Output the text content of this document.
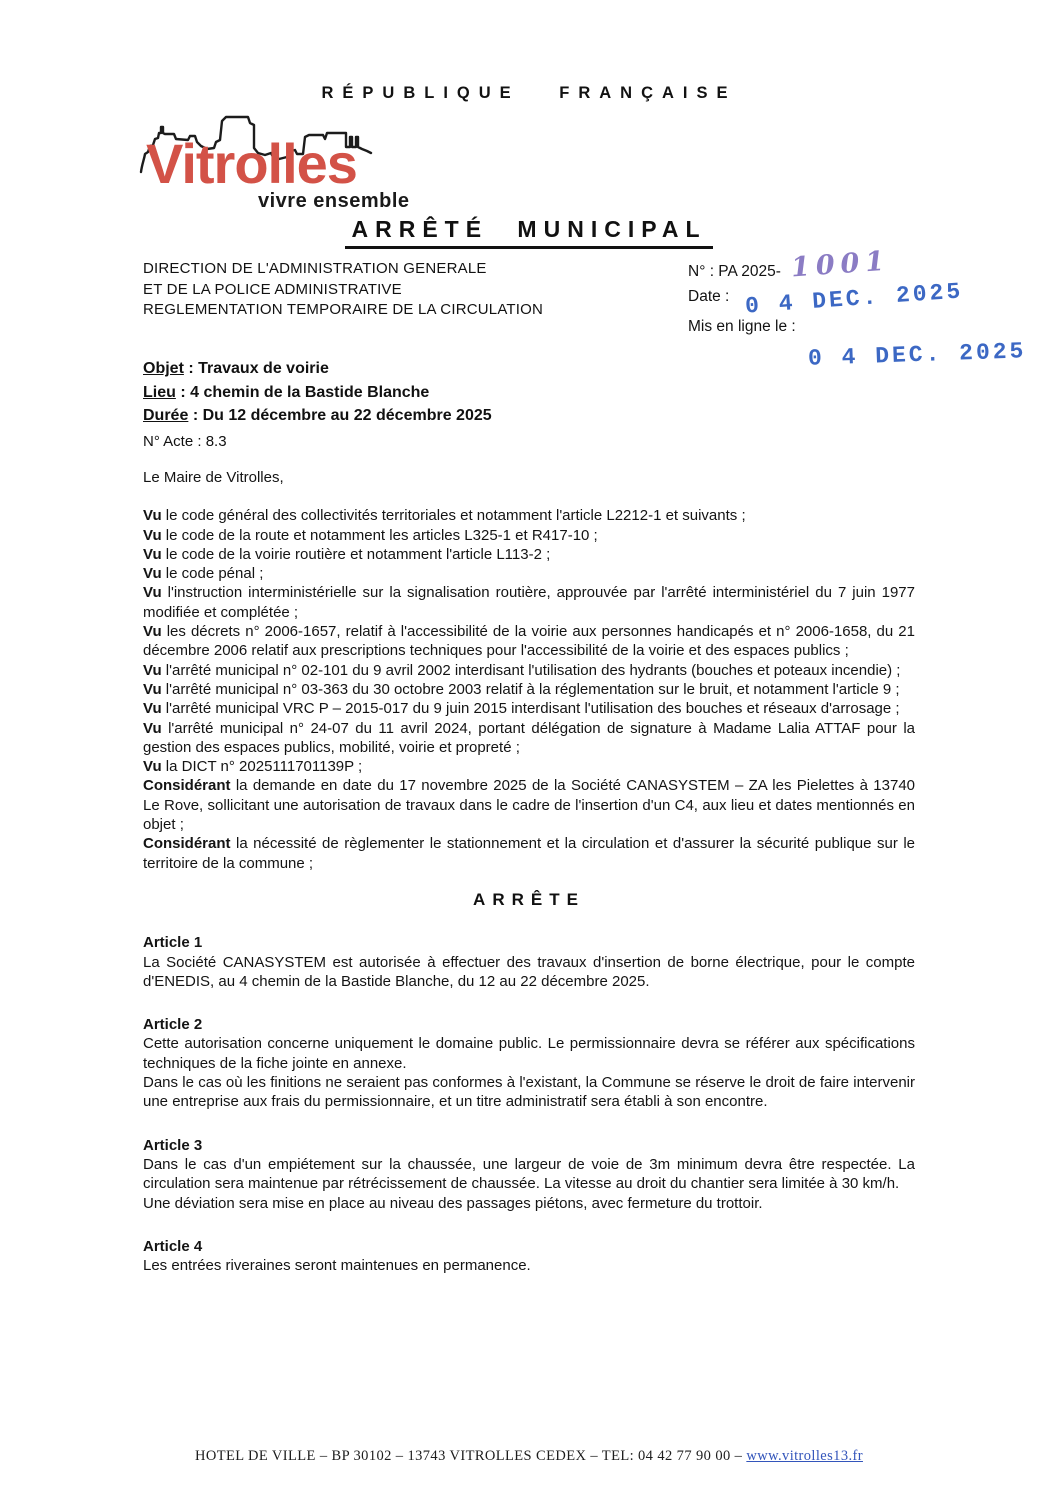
RÉPUBLIQUE FRANÇAISE
Vitrolles
vivre ensemble
ARRÊTÉ MUNICIPAL
DIRECTION DE L'ADMINISTRATION GENERALE
ET DE LA POLICE ADMINISTRATIVE
REGLEMENTATION TEMPORAIRE DE LA CIRCULATION
N° : PA 2025- 1001
Date : 0 4 DEC. 2025
Mis en ligne le :
0 4 DEC. 2025
Objet : Travaux de voirie
Lieu : 4 chemin de la Bastide Blanche
Durée : Du 12 décembre au 22 décembre 2025
N° Acte : 8.3

Le Maire de Vitrolles,

Vu le code général des collectivités territoriales et notamment l'article L2212-1 et suivants ;

Vu le code de la route et notamment les articles L325-1 et R417-10 ;

Vu le code de la voirie routière et notamment l'article L113-2 ;

Vu le code pénal ;

Vu l'instruction interministérielle sur la signalisation routière, approuvée par l'arrêté interministériel du 7 juin 1977 modifiée et complétée ;

Vu les décrets n° 2006-1657, relatif à l'accessibilité de la voirie aux personnes handicapés et n° 2006-1658, du 21 décembre 2006 relatif aux prescriptions techniques pour l'accessibilité de la voirie et des espaces publics ;

Vu l'arrêté municipal n° 02-101 du 9 avril 2002 interdisant l'utilisation des hydrants (bouches et poteaux incendie) ;

Vu l'arrêté municipal n° 03-363 du 30 octobre 2003 relatif à la réglementation sur le bruit, et notamment l'article 9 ;

Vu l'arrêté municipal VRC P – 2015-017 du 9 juin 2015 interdisant l'utilisation des bouches et réseaux d'arrosage ;

Vu l'arrêté municipal n° 24-07 du 11 avril 2024, portant délégation de signature à Madame Lalia ATTAF pour la gestion des espaces publics, mobilité, voirie et propreté ;

Vu la DICT n° 2025111701139P ;

Considérant la demande en date du 17 novembre 2025 de la Société CANASYSTEM – ZA les Pielettes à 13740 Le Rove, sollicitant une autorisation de travaux dans le cadre de l'insertion d'un C4, aux lieu et dates mentionnés en objet ;

Considérant la nécessité de règlementer le stationnement et la circulation et d'assurer la sécurité publique sur le territoire de la commune ;

ARRÊTE
Article 1

La Société CANASYSTEM est autorisée à effectuer des travaux d'insertion de borne électrique, pour le compte d'ENEDIS, au 4 chemin de la Bastide Blanche, du 12 au 22 décembre 2025.

Article 2

Cette autorisation concerne uniquement le domaine public. Le permissionnaire devra se référer aux spécifications techniques de la fiche jointe en annexe.

Dans le cas où les finitions ne seraient pas conformes à l'existant, la Commune se réserve le droit de faire intervenir une entreprise aux frais du permissionnaire, et un titre administratif sera établi à son encontre.

Article 3

Dans le cas d'un empiétement sur la chaussée, une largeur de voie de 3m minimum devra être respectée. La circulation sera maintenue par rétrécissement de chaussée. La vitesse au droit du chantier sera limitée à 30 km/h.

Une déviation sera mise en place au niveau des passages piétons, avec fermeture du trottoir.

Article 4

Les entrées riveraines seront maintenues en permanence.

HOTEL DE VILLE – BP 30102 – 13743 VITROLLES CEDEX – TEL: 04 42 77 90 00 – www.vitrolles13.fr
